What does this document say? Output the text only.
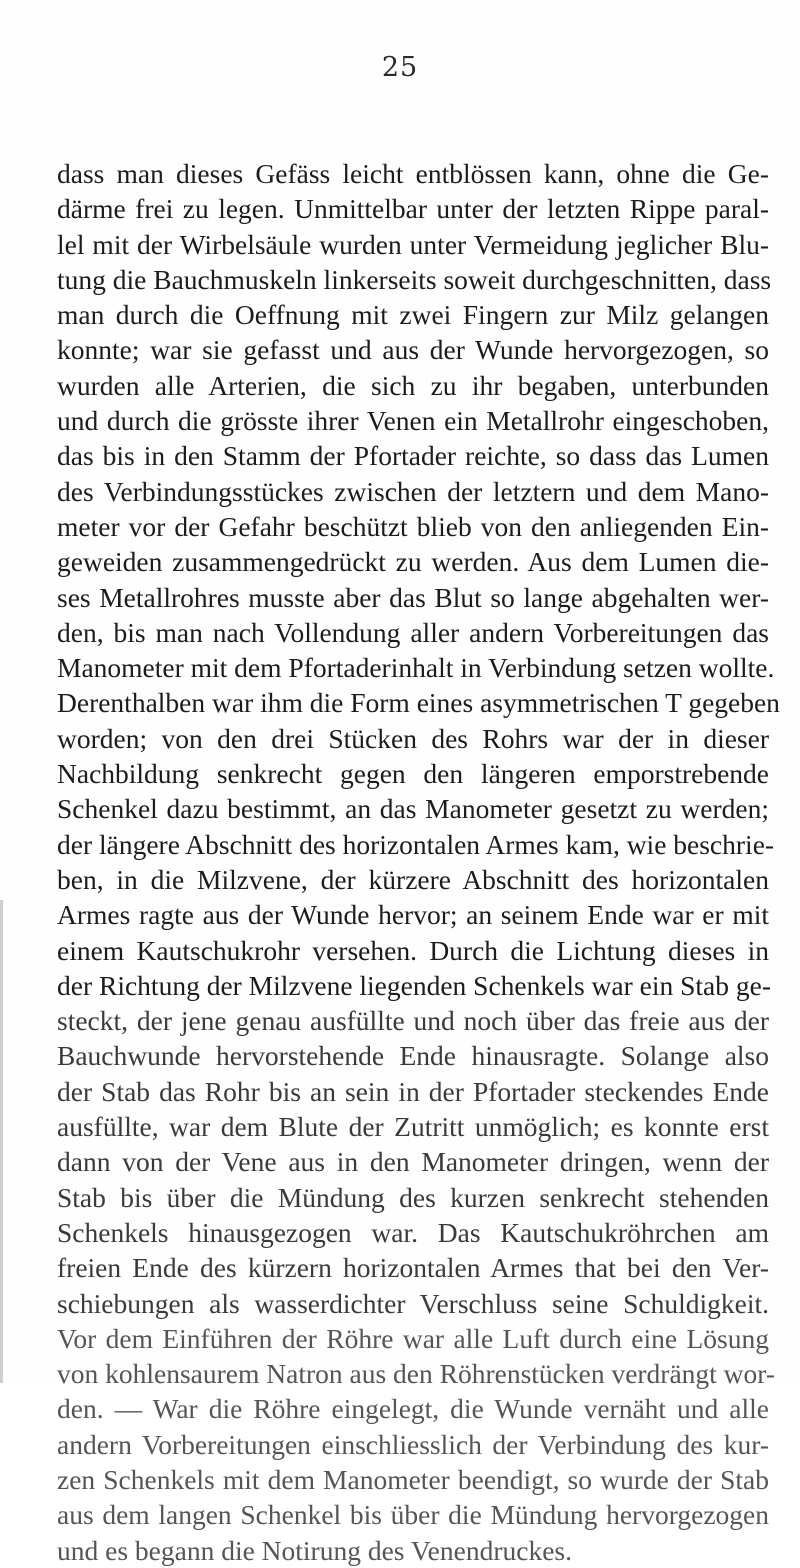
25
dass man dieses Gefäss leicht entblössen kann, ohne die Ge-
därme frei zu legen. Unmittelbar unter der letzten Rippe paral-
lel mit der Wirbelsäule wurden unter Vermeidung jeglicher Blu-
tung die Bauchmuskeln linkerseits soweit durchgeschnitten, dass
man durch die Oeffnung mit zwei Fingern zur Milz gelangen
konnte; war sie gefasst und aus der Wunde hervorgezogen, so
wurden alle Arterien, die sich zu ihr begaben, unterbunden
und durch die grösste ihrer Venen ein Metallrohr eingeschoben,
das bis in den Stamm der Pfortader reichte, so dass das Lumen
des Verbindungsstückes zwischen der letztern und dem Mano-
meter vor der Gefahr beschützt blieb von den anliegenden Ein-
geweiden zusammengedrückt zu werden. Aus dem Lumen die-
ses Metallrohres musste aber das Blut so lange abgehalten wer-
den, bis man nach Vollendung aller andern Vorbereitungen das
Manometer mit dem Pfortaderinhalt in Verbindung setzen wollte.
Derenthalben war ihm die Form eines asymmetrischen T gegeben
worden; von den drei Stücken des Rohrs war der in dieser
Nachbildung senkrecht gegen den längeren emporstrebende
Schenkel dazu bestimmt, an das Manometer gesetzt zu werden;
der längere Abschnitt des horizontalen Armes kam, wie beschrie-
ben, in die Milzvene, der kürzere Abschnitt des horizontalen
Armes ragte aus der Wunde hervor; an seinem Ende war er mit
einem Kautschukrohr versehen. Durch die Lichtung dieses in
der Richtung der Milzvene liegenden Schenkels war ein Stab ge-
steckt, der jene genau ausfüllte und noch über das freie aus der
Bauchwunde hervorstehende Ende hinausragte. Solange also
der Stab das Rohr bis an sein in der Pfortader steckendes Ende
ausfüllte, war dem Blute der Zutritt unmöglich; es konnte erst
dann von der Vene aus in den Manometer dringen, wenn der
Stab bis über die Mündung des kurzen senkrecht stehenden
Schenkels hinausgezogen war. Das Kautschukröhrchen am
freien Ende des kürzern horizontalen Armes that bei den Ver-
schiebungen als wasserdichter Verschluss seine Schuldigkeit.
Vor dem Einführen der Röhre war alle Luft durch eine Lösung
von kohlensaurem Natron aus den Röhrenstücken verdrängt wor-
den. — War die Röhre eingelegt, die Wunde vernäht und alle
andern Vorbereitungen einschliesslich der Verbindung des kur-
zen Schenkels mit dem Manometer beendigt, so wurde der Stab
aus dem langen Schenkel bis über die Mündung hervorgezogen
und es begann die Notirung des Venendruckes.
